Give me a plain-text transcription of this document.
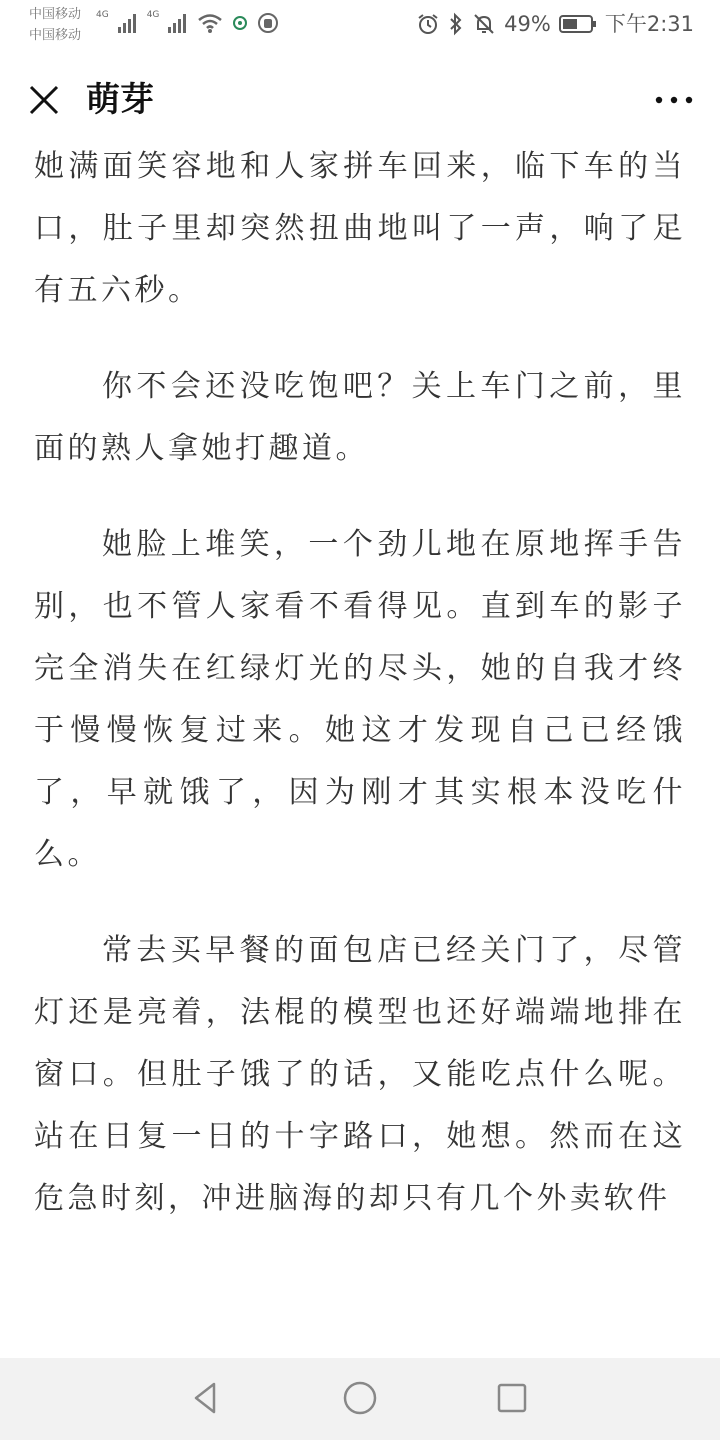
中国移动
中国移动
4G	4G	49%	下午2:31
萌芽

她满面笑容地和人家拼车回来，临下车的当口，肚子里却突然扭曲地叫了一声，响了足有五六秒。

你不会还没吃饱吧？关上车门之前，里面的熟人拿她打趣道。

她脸上堆笑，一个劲儿地在原地挥手告别，也不管人家看不看得见。直到车的影子完全消失在红绿灯光的尽头，她的自我才终于慢慢恢复过来。她这才发现自己已经饿了，早就饿了，因为刚才其实根本没吃什么。

常去买早餐的面包店已经关门了，尽管灯还是亮着，法棍的模型也还好端端地排在窗口。但肚子饿了的话，又能吃点什么呢。站在日复一日的十字路口，她想。然而在这危急时刻，冲进脑海的却只有几个外卖软件
